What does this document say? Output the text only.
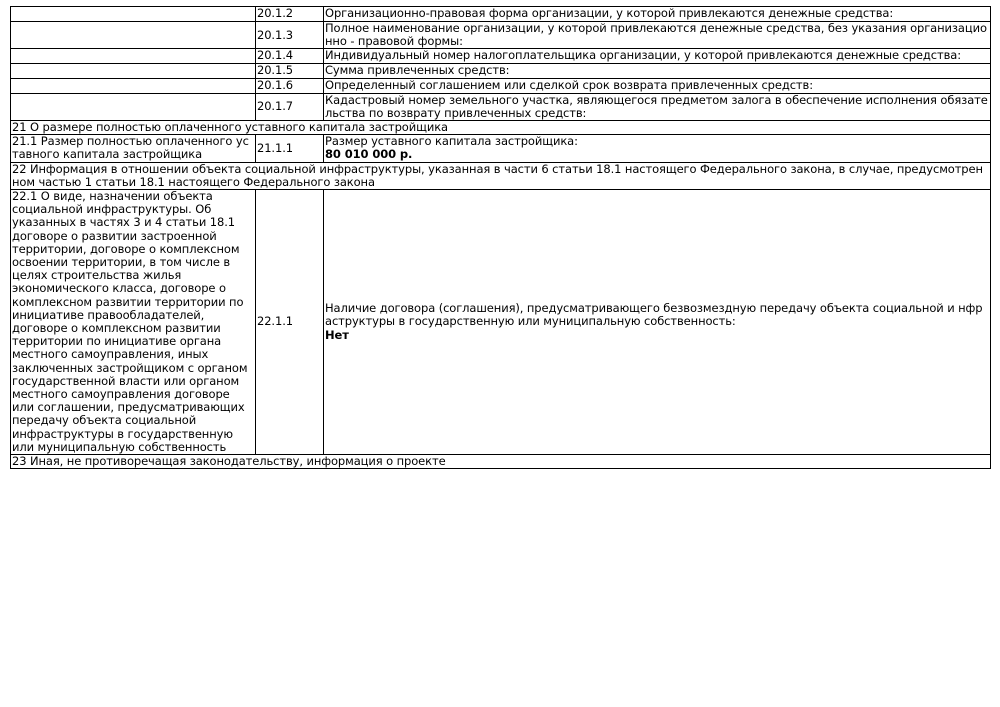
	20.1.2	Организационно-правовая форма организации, у которой привлекаются денежные средства:
	20.1.3	Полное наименование организации, у которой привлекаются денежные средства, без указания организационно - правовой формы:
	20.1.4	Индивидуальный номер налогоплательщика организации, у которой привлекаются денежные средства:
	20.1.5	Сумма привлеченных средств:
	20.1.6	Определенный соглашением или сделкой срок возврата привлеченных средств:
	20.1.7	Кадастровый номер земельного участка, являющегося предметом залога в обеспечение исполнения обязательства по возврату привлеченных средств:
21 О размере полностью оплаченного уставного капитала застройщика		
21.1 Размер полностью оплаченного уставного капитала застройщика	21.1.1	Размер уставного капитала застройщика:
80 010 000 р.

22 Информация в отношении объекта социальной инфраструктуры, указанная в части 6 статьи 18.1 настоящего Федерального закона, в случае, предусмотренном частью 1 статьи 18.1 настоящего Федерального закона		
22.1 О виде, назначении объекта социальной инфраструктуры. Об указанных в частях 3 и 4 статьи 18.1 договоре о развитии застроенной территории, договоре о комплексном освоении территории, в том числе в целях строительства жилья экономического класса, договоре о комплексном развитии территории по инициативе правообладателей, договоре о комплексном развитии территории по инициативе органа местного самоуправления, иных заключенных застройщиком с органом государственной власти или органом местного самоуправления договоре или соглашении, предусматривающих передачу объекта социальной инфраструктуры в государственную или муниципальную собственность	22.1.1	Наличие договора (соглашения), предусматривающего безвозмездную передачу объекта социальной и нфраструктуры в государственную или муниципальную собственность:
Нет

23 Иная, не противоречащая законодательству, информация о проекте		
